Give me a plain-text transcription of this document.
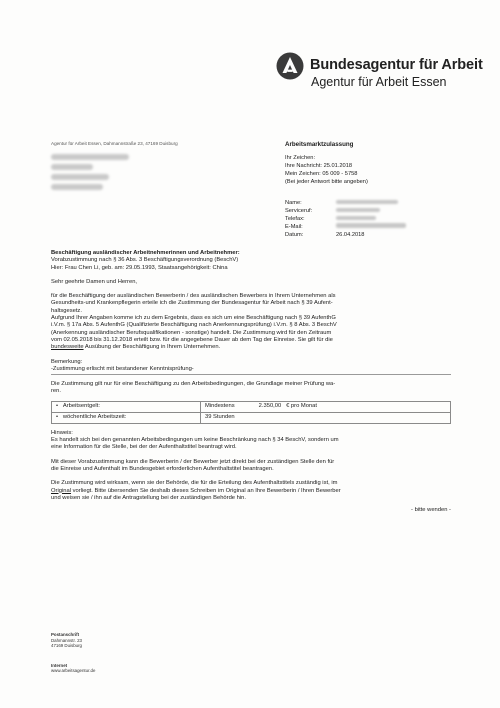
Bundesagentur für Arbeit
Agentur für Arbeit Essen
Agentur für Arbeit Essen, Dahmannstraße 23, 47169 Duisburg	Arbeitsmarktzulassung
Ihr Zeichen:
Ihre Nachricht: 25.01.2018
Mein Zeichen: 05 009 - 5758
(Bei jeder Antwort bitte angeben)
Name:
Serviceruf:
Telefax:
E-Mail:
Datum:	26.04.2018

Beschäftigung ausländischer Arbeitnehmerinnen und Arbeitnehmer:

Vorabzustimmung nach § 36 Abs. 3 Beschäftigungsverordnung (BeschV)

Hier: Frau Chen Li, geb. am: 29.05.1993, Staatsangehörigkeit: China

Sehr geehrte Damen und Herren,

für die Beschäftigung der ausländischen Bewerberin / des ausländischen Bewerbers in Ihrem Unternehmen als

Gesundheits-und Krankenpflegerin erteile ich die Zustimmung der Bundesagentur für Arbeit nach § 39 Aufent-

haltsgesetz.

Aufgrund Ihrer Angaben komme ich zu dem Ergebnis, dass es sich um eine Beschäftigung nach § 39 AufenthG

i.V.m. § 17a Abs. 5 AufenthG (Qualifizierte Beschäftigung nach Anerkennungsprüfung) i.V.m. § 8 Abs. 3 BeschV

(Anerkennung ausländischer Berufsqualifikationen - sonstige) handelt. Die Zustimmung wird für den Zeitraum

vom 02.05.2018 bis 31.12.2018 erteilt bzw. für die angegebene Dauer ab dem Tag der Einreise. Sie gilt für die

bundesweite Ausübung der Beschäftigung in Ihrem Unternehmen.

Bemerkung:

-Zustimmung erlischt mit bestandener Kenntnisprüfung-

Die Zustimmung gilt nur für eine Beschäftigung zu den Arbeitsbedingungen, die Grundlage meiner Prüfung wa-

ren.

•   Arbeitsentgelt:	Mindestens 2.350,00 € pro Monat
•   wöchentliche Arbeitszeit:	39 Stunden

Hinweis:

Es handelt sich bei den genannten Arbeitsbedingungen um keine Beschränkung nach § 34 BeschV, sondern um

eine Information für die Stelle, bei der der Aufenthaltstitel beantragt wird.

Mit dieser Vorabzustimmung kann die Bewerberin / der Bewerber jetzt direkt bei der zuständigen Stelle den für

die Einreise und Aufenthalt im Bundesgebiet erforderlichen Aufenthaltstitel beantragen.

Die Zustimmung wird wirksam, wenn sie der Behörde, die für die Erteilung des Aufenthaltstitels zuständig ist, im

Original vorliegt. Bitte übersenden Sie deshalb dieses Schreiben im Original an Ihre Bewerberin / Ihren Bewerber

und weisen sie / ihn auf die Antragstellung bei der zuständigen Behörde hin.

- bitte wenden -

Postanschrift

Dahmannstr. 23

47169 Duisburg

Internet

www.arbeitsagentur.de
